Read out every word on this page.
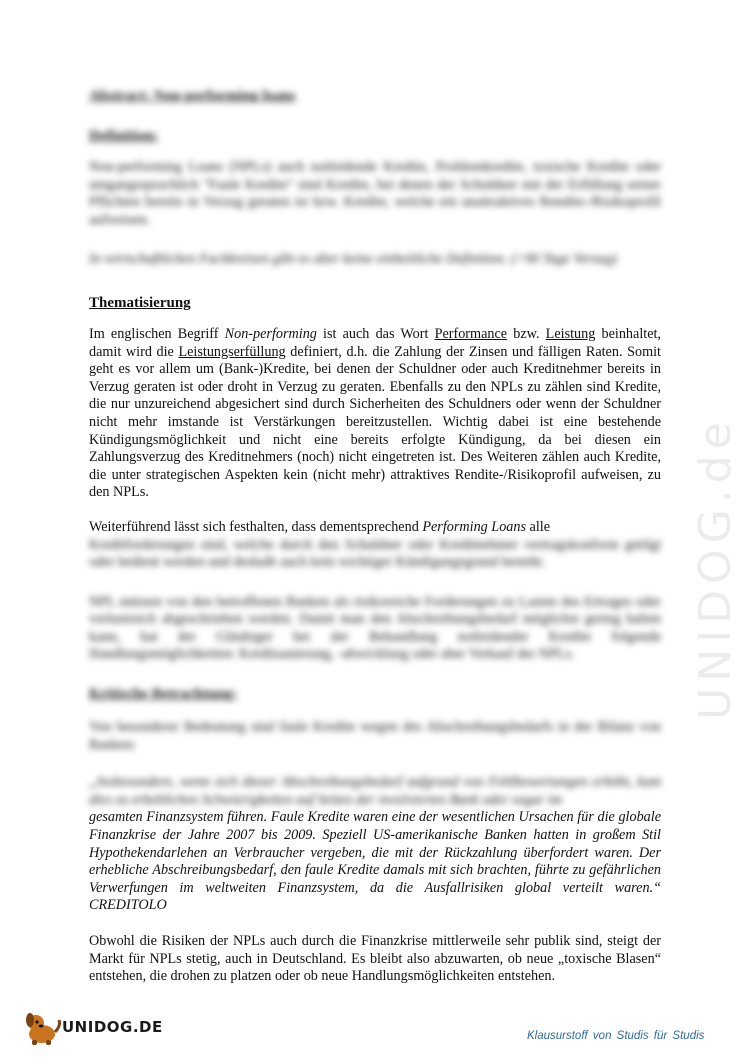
UNIDOG.de
Abstract: Non-performing loans
Definition:

Non-performing Loans (NPLs) auch notleidende Kredite, Problemkredite, toxische Kredite oder umgangssprachlich "Faule Kredite" sind Kredite, bei denen der Schuldner mit der Erfüllung seiner Pflichten bereits in Verzug geraten ist bzw. Kredite, welche ein unattraktives Rendite-/Risikoprofil aufweisen.

In wirtschaftlichen Fachkreisen gibt es aber keine einheitliche Definition. (>90 Tage Verzug)

Thematisierung

Im englischen Begriff Non-performing ist auch das Wort Performance bzw. Leistung beinhaltet, damit wird die Leistungserfüllung definiert, d.h. die Zahlung der Zinsen und fälligen Raten. Somit geht es vor allem um (Bank-)Kredite, bei denen der Schuldner oder auch Kreditnehmer bereits in Verzug geraten ist oder droht in Verzug zu geraten. Ebenfalls zu den NPLs zu zählen sind Kredite, die nur unzureichend abgesichert sind durch Sicherheiten des Schuldners oder wenn der Schuldner nicht mehr imstande ist Verstärkungen bereitzustellen. Wichtig dabei ist eine bestehende Kündigungsmöglichkeit und nicht eine bereits erfolgte Kündigung, da bei diesen ein Zahlungsverzug des Kreditnehmers (noch) nicht eingetreten ist. Des Weiteren zählen auch Kredite, die unter strategischen Aspekten kein (nicht mehr) attraktives Rendite-/Risikoprofil aufweisen, zu den NPLs.

Weiterführend lässt sich festhalten, dass dementsprechend Performing Loans alle

Kreditforderungen sind, welche durch den Schuldner oder Kreditnehmer vertragskonform getilgt oder bedient werden und deshalb auch kein wichtiger Kündigungsgrund besteht.

NPL müssen von den betroffenen Banken als risikoreiche Forderungen zu Lasten des Ertrages oder verlustreich abgeschrieben werden. Damit man den Abschreibungsbedarf möglichst gering halten kann, hat der Gläubiger bei der Behandlung notleidender Kredite folgende Handlungsmöglichkeiten: Kreditsanierung, -abwicklung oder aber Verkauf der NPLs.

Kritische Betrachtung:

Von besonderer Bedeutung sind faule Kredite wegen des Abschreibungsbedarfs in der Bilanz von Banken:

„Insbesondere, wenn sich dieser Abschreibungsbedarf aufgrund von Fehlbewertungen erhöht, kam dies zu erheblichen Schwierigkeiten auf Seiten der involvierten Bank oder sogar im

gesamten Finanzsystem führen. Faule Kredite waren eine der wesentlichen Ursachen für die globale Finanzkrise der Jahre 2007 bis 2009. Speziell US-amerikanische Banken hatten in großem Stil Hypothekendarlehen an Verbraucher vergeben, die mit der Rückzahlung überfordert waren. Der erhebliche Abschreibungsbedarf, den faule Kredite damals mit sich brachten, führte zu gefährlichen Verwerfungen im weltweiten Finanzsystem, da die Ausfallrisiken global verteilt waren.“ CREDITOLO

Obwohl die Risiken der NPLs auch durch die Finanzkrise mittlerweile sehr publik sind, steigt der Markt für NPLs stetig, auch in Deutschland. Es bleibt also abzuwarten, ob neue „toxische Blasen“ entstehen, die drohen zu platzen oder ob neue Handlungsmöglichkeiten entstehen.

UNIDOG.DE	Klausurstoff von Studis für Studis
